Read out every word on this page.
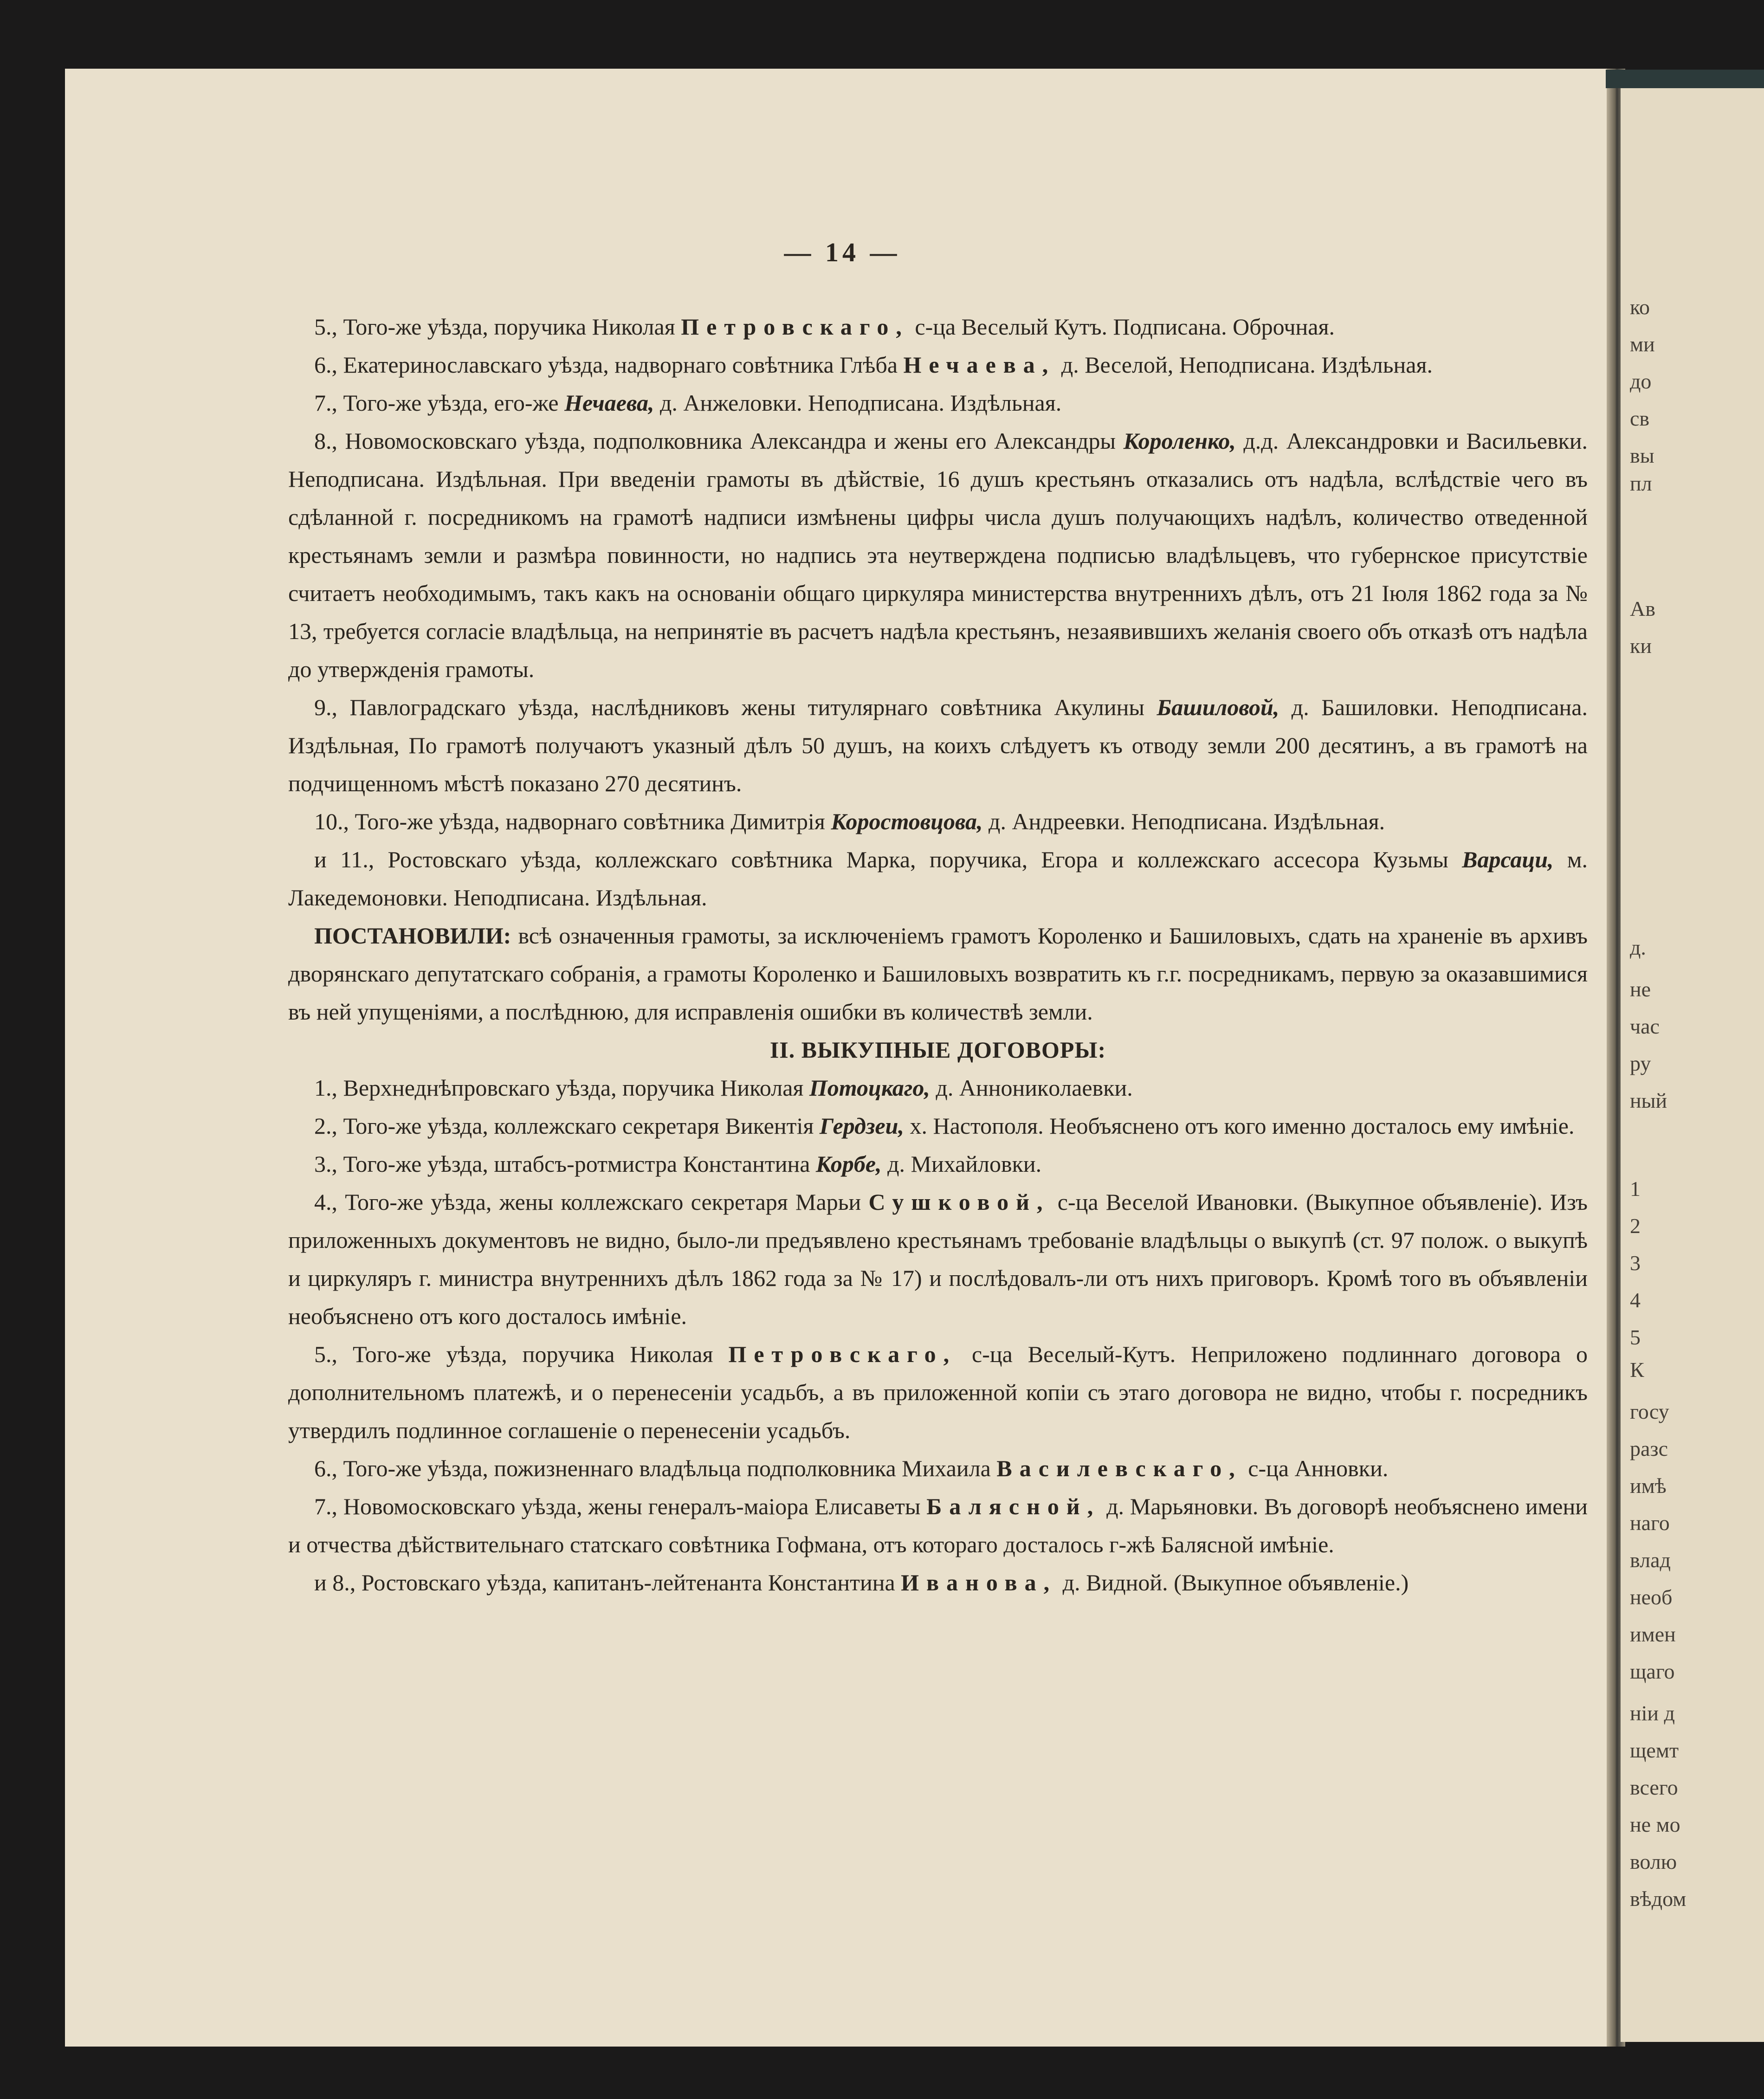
— 14 —

5., Того-же уѣзда, поручика Николая Петровскаго, с-ца Веселый Кутъ. Подписана. Оброчная.

6., Екатеринославскаго уѣзда, надворнаго совѣтника Глѣба Нечаева, д. Веселой, Неподписана. Издѣльная.

7., Того-же уѣзда, его-же Нечаева, д. Анжеловки. Неподписана. Издѣльная.

8., Новомосковскаго уѣзда, подполковника Александра и жены его Александры Короленко, д.д. Александровки и Васильевки. Неподписана. Издѣльная. При введеніи грамоты въ дѣйствіе, 16 душъ крестьянъ отказались отъ надѣла, вслѣдствіе чего въ сдѣланной г. посредникомъ на грамотѣ надписи измѣнены цифры числа душъ получающихъ надѣлъ, количество отведенной крестьянамъ земли и размѣра повинности, но надпись эта неутверждена подписью владѣльцевъ, что губернское присутствіе считаетъ необходимымъ, такъ какъ на основаніи общаго циркуляра министерства внутреннихъ дѣлъ, отъ 21 Іюля 1862 года за № 13, требуется согласіе владѣльца, на непринятіе въ расчетъ надѣла крестьянъ, незаявившихъ желанія своего объ отказѣ отъ надѣла до утвержденія грамоты.

9., Павлоградскаго уѣзда, наслѣдниковъ жены титулярнаго совѣтника Акулины Башиловой, д. Башиловки. Неподписана. Издѣльная, По грамотѣ получаютъ указный дѣлъ 50 душъ, на коихъ слѣдуетъ къ отводу земли 200 десятинъ, а въ грамотѣ на подчищенномъ мѣстѣ показано 270 десятинъ.

10., Того-же уѣзда, надворнаго совѣтника Димитрія Коростовцова, д. Андреевки. Неподписана. Издѣльная.

и 11., Ростовскаго уѣзда, коллежскаго совѣтника Марка, поручика, Егора и коллежскаго ассесора Кузьмы Варсаци, м. Лакедемоновки. Неподписана. Издѣльная.

ПОСТАНОВИЛИ: всѣ означенныя грамоты, за исключеніемъ грамотъ Короленко и Башиловыхъ, сдать на храненіе въ архивъ дворянскаго депутатскаго собранія, а грамоты Короленко и Башиловыхъ возвратить къ г.г. посредникамъ, первую за оказавшимися въ ней упущеніями, а послѣднюю, для исправленія ошибки въ количествѣ земли.

II. ВЫКУПНЫЕ ДОГОВОРЫ:

1., Верхнеднѣпровскаго уѣзда, поручика Николая Потоцкаго, д. Анноникoлаевки.

2., Того-же уѣзда, коллежскаго секретаря Викентія Гердзеи, х. Настополя. Необъяснено отъ кого именно досталось ему имѣніе.

3., Того-же уѣзда, штабсъ-ротмистра Константина Корбе, д. Михайловки.

4., Того-же уѣзда, жены коллежскаго секретаря Марьи Сушковой, с-ца Веселой Ивановки. (Выкупное объявленіе). Изъ приложенныхъ документовъ не видно, было-ли предъявлено крестьянамъ требованіе владѣльцы о выкупѣ (ст. 97 полож. о выкупѣ и циркуляръ г. министра внутреннихъ дѣлъ 1862 года за № 17) и послѣдовалъ-ли отъ нихъ приговоръ. Кромѣ того въ объявленіи необъяснено отъ кого досталось имѣніе.

5., Того-же уѣзда, поручика Николая Петровскаго, с-ца Веселый-Кутъ. Неприложено подлиннаго договора о дополнительномъ платежѣ, и о перенесеніи усадьбъ, а въ приложенной копіи съ этаго договора не видно, чтобы г. посредникъ утвердилъ подлинное соглашеніе о перенесеніи усадьбъ.

6., Того-же уѣзда, пожизненнаго владѣльца подполковника Михаила Василевскаго, с-ца Анновки.

7., Новомосковскаго уѣзда, жены генералъ-маіора Елисаветы Балясной, д. Марьяновки. Въ договорѣ необъяснено имени и отчества дѣйствительнаго статскаго совѣтника Гофмана, отъ котораго досталось г-жѣ Балясной имѣніе.

и 8., Ростовскаго уѣзда, капитанъ-лейтенанта Константина Иванова, д. Видной. (Выкупное объявленіе.)

ко
ми
до
св
вы
пл
Ав
ки
д.
не
час
ру
ный
1
2
3
4
5
К
госу
разс
имѣ
наго
влад
необ
имен
щаго
ніи д
щемт
всего
не мо
волю
вѣдом
